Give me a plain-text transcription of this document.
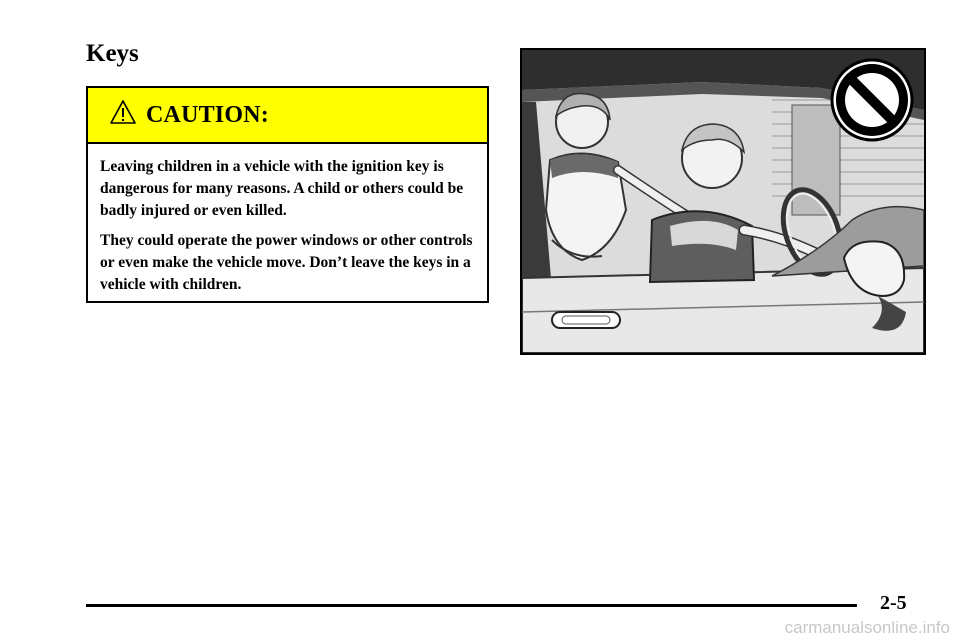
Keys
CAUTION:

Leaving children in a vehicle with the ignition key is dangerous for many reasons. A child or others could be badly injured or even killed.

They could operate the power windows or other controls or even make the vehicle move. Don’t leave the keys in a vehicle with children.

2-5
carmanualsonline.info
